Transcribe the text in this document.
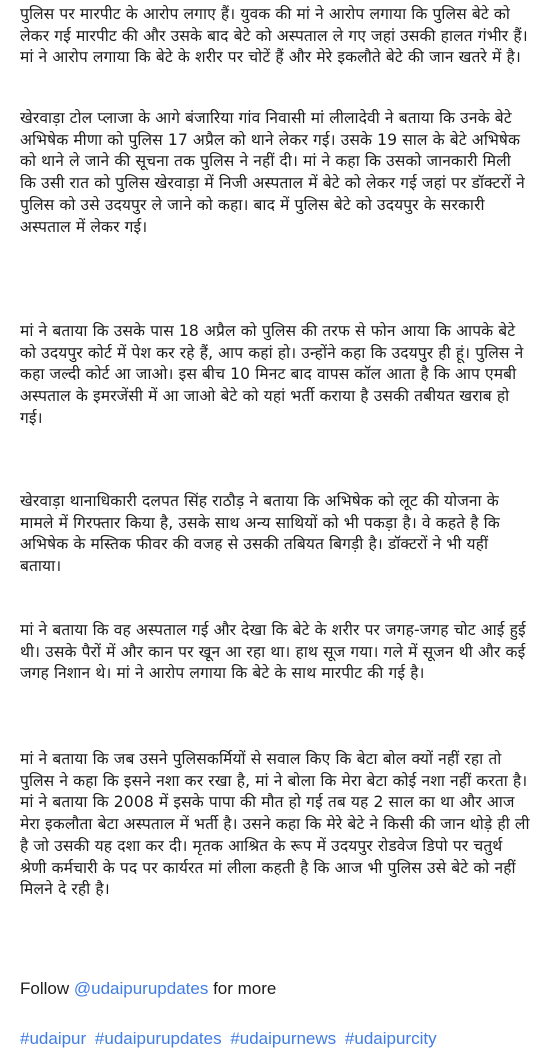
पुलिस पर मारपीट के आरोप लगाए हैं। युवक की मां ने आरोप लगाया कि पुलिस बेटे को लेकर गई मारपीट की और उसके बाद बेटे को अस्पताल ले गए जहां उसकी हालत गंभीर हैं। मां ने आरोप लगाया कि बेटे के शरीर पर चोटें हैं और मेरे इकलौते बेटे की जान खतरे में है।

खेरवाड़ा टोल प्लाजा के आगे बंजारिया गांव निवासी मां लीलादेवी ने बताया कि उनके बेटे अभिषेक मीणा को पुलिस 17 अप्रैल को थाने लेकर गई। उसके 19 साल के बेटे अभिषेक को थाने ले जाने की सूचना तक पुलिस ने नहीं दी। मां ने कहा कि उसको जानकारी मिली कि उसी रात को पुलिस खेरवाड़ा में निजी अस्पताल में बेटे को लेकर गई जहां पर डॉक्टरों ने पुलिस को उसे उदयपुर ले जाने को कहा। बाद में पुलिस बेटे को उदयपुर के सरकारी अस्पताल में लेकर गई।

मां ने बताया कि उसके पास 18 अप्रैल को पुलिस की तरफ से फोन आया कि आपके बेटे को उदयपुर कोर्ट में पेश कर रहे हैं, आप कहां हो। उन्होंने कहा कि उदयपुर ही हूं। पुलिस ने कहा जल्दी कोर्ट आ जाओ। इस बीच 10 मिनट बाद वापस कॉल आता है कि आप एमबी अस्पताल के इमरजेंसी में आ जाओ बेटे को यहां भर्ती कराया है उसकी तबीयत खराब हो गई।

खेरवाड़ा थानाधिकारी दलपत सिंह राठौड़ ने बताया कि अभिषेक को लूट की योजना के मामले में गिरफ्तार किया है, उसके साथ अन्य साथियों को भी पकड़ा है। वे कहते है कि अभिषेक के मस्तिक फीवर की वजह से उसकी तबियत बिगड़ी है। डॉक्टरों ने भी यहीं बताया।

मां ने बताया कि वह अस्पताल गई और देखा कि बेटे के शरीर पर जगह-जगह चोट आई हुई थी। उसके पैरों में और कान पर खून आ रहा था। हाथ सूज गया। गले में सूजन थी और कई जगह निशान थे। मां ने आरोप लगाया कि बेटे के साथ मारपीट की गई है।

मां ने बताया कि जब उसने पुलिसकर्मियों से सवाल किए कि बेटा बोल क्यों नहीं रहा तो पुलिस ने कहा कि इसने नशा कर रखा है, मां ने बोला कि मेरा बेटा कोई नशा नहीं करता है। मां ने बताया कि 2008 में इसके पापा की मौत हो गई तब यह 2 साल का था और आज मेरा इकलौता बेटा अस्पताल में भर्ती है। उसने कहा कि मेरे बेटे ने किसी की जान थोड़े ही ली है जो उसकी यह दशा कर दी। मृतक आश्रित के रूप में उदयपुर रोडवेज डिपो पर चतुर्थ श्रेणी कर्मचारी के पद पर कार्यरत मां लीला कहती है कि आज भी पुलिस उसे बेटे को नहीं मिलने दे रही है।

Follow @udaipurupdates for more
#udaipur #udaipurupdates #udaipurnews #udaipurcity
